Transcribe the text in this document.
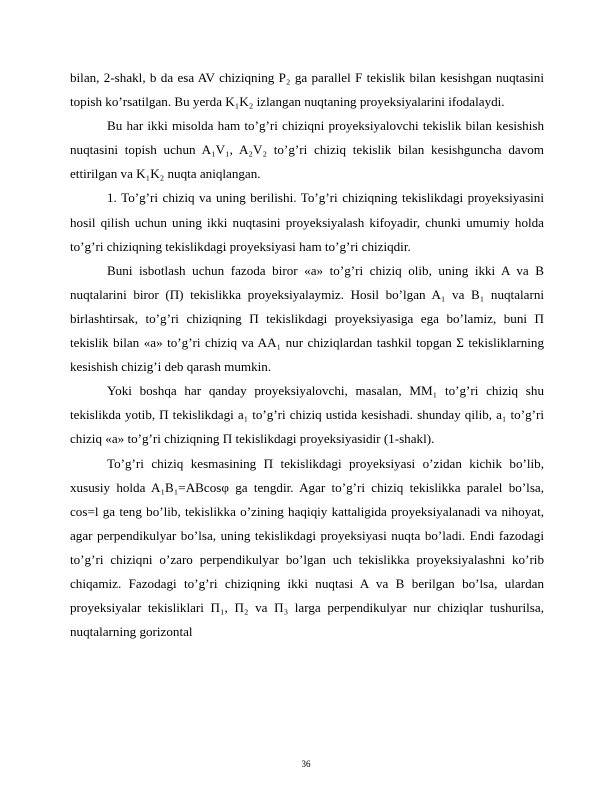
bilan, 2-shakl, b da esa AV chiziqning P₂ ga parallel F tekislik bilan kesishgan nuqtasini topish ko’rsatilgan. Bu yerda K₁K₂ izlangan nuqtaning proyeksiyalarini ifodalaydi.

Bu har ikki misolda ham to’g’ri chiziqni proyeksiyalovchi tekislik bilan kesishish nuqtasini topish uchun A₁V₁, A₂V₂ to’g’ri chiziq tekislik bilan kesishguncha davom ettirilgan va K₁K₂ nuqta aniqlangan.

1. To’g’ri chiziq va uning berilishi. To’g’ri chiziqning tekislikdagi proyeksiyasini hosil qilish uchun uning ikki nuqtasini proyeksiyalash kifoyadir, chunki umumiy holda to’g’ri chiziqning tekislikdagi proyeksiyasi ham to’g’ri chiziqdir.

Buni isbotlash uchun fazoda biror «a» to’g’ri chiziq olib, uning ikki A va B nuqtalarini biror (Π) tekislikka proyeksiyalaymiz. Hosil bo’lgan A₁ va B₁ nuqtalarni birlashtirsak, to’g’ri chiziqning Π tekislikdagi proyeksiyasiga ega bo’lamiz, buni Π tekislik bilan «a» to’g’ri chiziq va AA₁ nur chiziqlardan tashkil topgan Σ tekisliklarning kesishish chizig’i deb qarash mumkin.

Yoki boshqa har qanday proyeksiyalovchi, masalan, MM₁ to’g’ri chiziq shu tekislikda yotib, Π tekislikdagi a₁ to’g’ri chiziq ustida kesishadi. shunday qilib, a₁ to’g’ri chiziq «a» to’g’ri chiziqning Π tekislikdagi proyeksiyasidir (1-shakl).

To’g’ri chiziq kesmasining Π tekislikdagi proyeksiyasi o’zidan kichik bo’lib, xususiy holda A₁B₁=ABcosφ ga tengdir. Agar to’g’ri chiziq tekislikka paralel bo’lsa, cos=l ga teng bo’lib, tekislikka o’zining haqiqiy kattaligida proyeksiyalanadi va nihoyat, agar perpendikulyar bo’lsa, uning tekislikdagi proyeksiyasi nuqta bo’ladi. Endi fazodagi to’g’ri chiziqni o’zaro perpendikulyar bo’lgan uch tekislikka proyeksiyalashni ko’rib chiqamiz. Fazodagi to’g’ri chiziqning ikki nuqtasi A va B berilgan bo’lsa, ulardan proyeksiyalar tekisliklari Π₁, Π₂ va Π₃ larga perpendikulyar nur chiziqlar tushurilsa, nuqtalarning gorizontal

36
